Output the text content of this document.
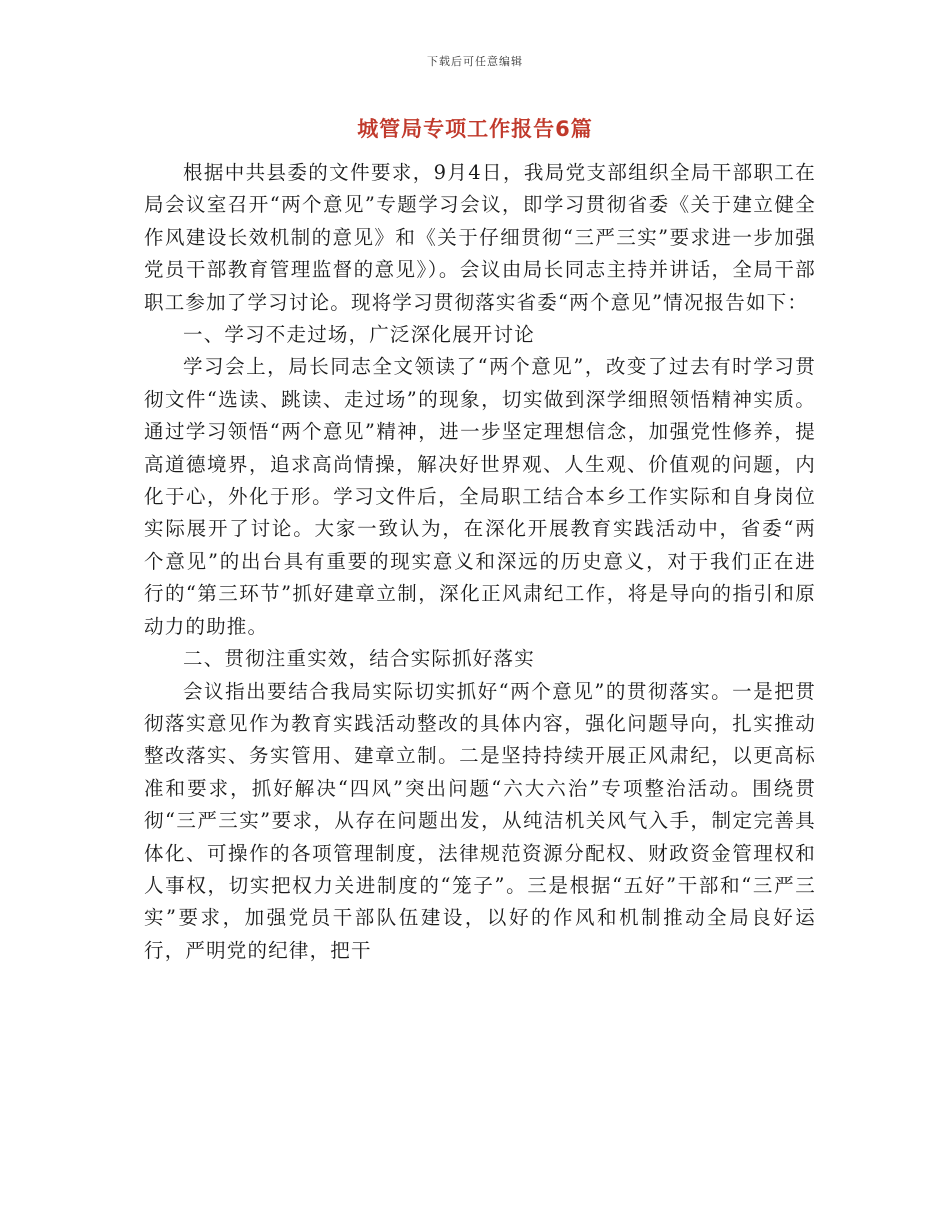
下载后可任意编辑
城管局专项工作报告6篇

根据中共县委的文件要求，9月4日，我局党支部组织全局干部职工在局会议室召开“两个意见”专题学习会议，即学习贯彻省委《关于建立健全作风建设长效机制的意见》和《关于仔细贯彻“三严三实”要求进一步加强党员干部教育管理监督的意见》）。会议由局长同志主持并讲话，全局干部职工参加了学习讨论。现将学习贯彻落实省委“两个意见”情况报告如下：

一、学习不走过场，广泛深化展开讨论

学习会上，局长同志全文领读了“两个意见”，改变了过去有时学习贯彻文件“选读、跳读、走过场”的现象，切实做到深学细照领悟精神实质。通过学习领悟“两个意见”精神，进一步坚定理想信念，加强党性修养，提高道德境界，追求高尚情操，解决好世界观、人生观、价值观的问题，内化于心，外化于形。学习文件后，全局职工结合本乡工作实际和自身岗位实际展开了讨论。大家一致认为，在深化开展教育实践活动中，省委“两个意见”的出台具有重要的现实意义和深远的历史意义，对于我们正在进行的“第三环节”抓好建章立制，深化正风肃纪工作，将是导向的指引和原动力的助推。

二、贯彻注重实效，结合实际抓好落实

会议指出要结合我局实际切实抓好“两个意见”的贯彻落实。一是把贯彻落实意见作为教育实践活动整改的具体内容，强化问题导向，扎实推动整改落实、务实管用、建章立制。二是坚持持续开展正风肃纪，以更高标准和要求，抓好解决“四风”突出问题“六大六治”专项整治活动。围绕贯彻“三严三实”要求，从存在问题出发，从纯洁机关风气入手，制定完善具体化、可操作的各项管理制度，法律规范资源分配权、财政资金管理权和人事权，切实把权力关进制度的“笼子”。三是根据“五好”干部和“三严三实”要求，加强党员干部队伍建设，以好的作风和机制推动全局良好运行，严明党的纪律，把干
